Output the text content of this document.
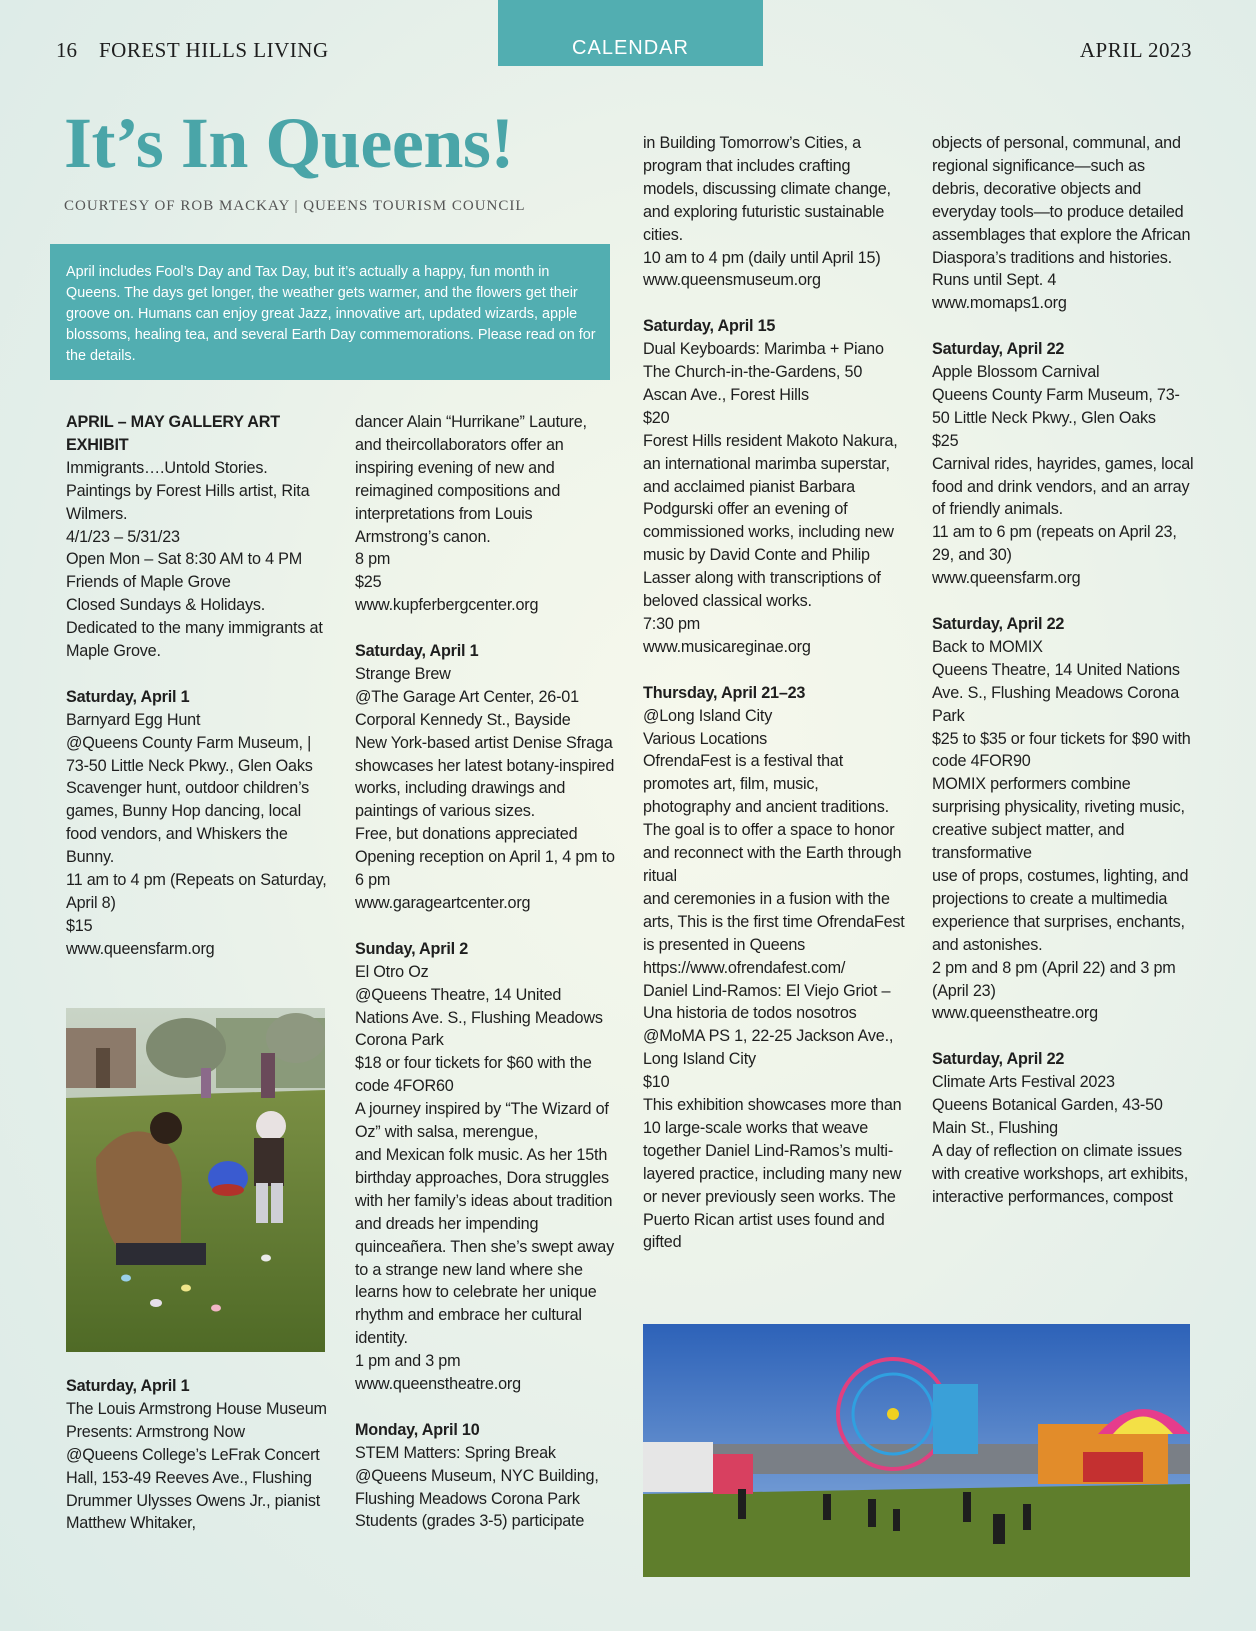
16 FOREST HILLS LIVING	CALENDAR	APRIL 2023
It’s In Queens!
COURTESY OF ROB MACKAY | QUEENS TOURISM COUNCIL
April includes Fool’s Day and Tax Day, but it’s actually a happy, fun month in Queens. The days get longer, the weather gets warmer, and the flowers get their groove on. Humans can enjoy great Jazz, innovative art, updated wizards, apple blossoms, healing tea, and several Earth Day commemorations. Please read on for the details.

APRIL – MAY GALLERY ART EXHIBIT
Immigrants….Untold Stories.
Paintings by Forest Hills artist, Rita Wilmers.
4/1/23 – 5/31/23
Open Mon – Sat 8:30 AM to 4 PM
Friends of Maple Grove
Closed Sundays & Holidays.
Dedicated to the many immigrants at Maple Grove.

Saturday, April 1
Barnyard Egg Hunt
@Queens County Farm Museum, | 73-50 Little Neck Pkwy., Glen Oaks
Scavenger hunt, outdoor children’s games, Bunny Hop dancing, local food vendors, and Whiskers the Bunny.
11 am to 4 pm (Repeats on Saturday, April 8)
$15
www.queensfarm.org

Saturday, April 1
The Louis Armstrong House Museum Presents: Armstrong Now
@Queens College’s LeFrak Concert Hall, 153-49 Reeves Ave., Flushing
Drummer Ulysses Owens Jr., pianist Matthew Whitaker,

dancer Alain “Hurrikane” Lauture, and theircollaborators offer an inspiring evening of new and reimagined compositions and interpretations from Louis Armstrong’s canon.
8 pm
$25
www.kupferbergcenter.org

Saturday, April 1
Strange Brew
@The Garage Art Center, 26-01 Corporal Kennedy St., Bayside
New York-based artist Denise Sfraga showcases her latest botany-inspired works, including drawings and
paintings of various sizes.
Free, but donations appreciated
Opening reception on April 1, 4 pm to 6 pm
www.garageartcenter.org

Sunday, April 2
El Otro Oz
@Queens Theatre, 14 United Nations Ave. S., Flushing Meadows Corona Park
$18 or four tickets for $60 with the code 4FOR60
A journey inspired by “The Wizard of Oz” with salsa, merengue,
and Mexican folk music. As her 15th birthday approaches, Dora struggles with her family’s ideas about tradition and dreads her impending quinceañera. Then she’s swept away to a strange new land where she learns how to celebrate her unique rhythm and embrace her cultural identity.
1 pm and 3 pm
www.queenstheatre.org

Monday, April 10
STEM Matters: Spring Break
@Queens Museum, NYC Building, Flushing Meadows Corona Park
Students (grades 3-5) participate

in Building Tomorrow’s Cities, a program that includes crafting models, discussing climate change, and exploring futuristic sustainable cities.
10 am to 4 pm (daily until April 15)
www.queensmuseum.org

Saturday, April 15
Dual Keyboards: Marimba + Piano
The Church-in-the-Gardens, 50 Ascan Ave., Forest Hills
$20
Forest Hills resident Makoto Nakura, an international marimba superstar, and acclaimed pianist Barbara Podgurski offer an evening of commissioned works, including new music by David Conte and Philip Lasser along with transcriptions of beloved classical works.
7:30 pm
www.musicareginae.org

Thursday, April 21–23
@Long Island City
Various Locations
OfrendaFest is a festival that promotes art, film, music, photography and ancient traditions. The goal is to offer a space to honor and reconnect with the Earth through ritual
and ceremonies in a fusion with the arts, This is the first time OfrendaFest is presented in Queens
https://www.ofrendafest.com/
Daniel Lind-Ramos: El Viejo Griot – Una historia de todos nosotros
@MoMA PS 1, 22-25 Jackson Ave., Long Island City
$10
This exhibition showcases more than 10 large-scale works that weave together Daniel Lind-Ramos’s multi- layered practice, including many new or never previously seen works. The Puerto Rican artist uses found and gifted

objects of personal, communal, and regional significance—such as debris, decorative objects and everyday tools—to produce detailed assemblages that explore the African Diaspora’s traditions and histories.
Runs until Sept. 4
www.momaps1.org

Saturday, April 22
Apple Blossom Carnival
Queens County Farm Museum, 73-50 Little Neck Pkwy., Glen Oaks
$25
Carnival rides, hayrides, games, local food and drink vendors, and an array of friendly animals.
11 am to 6 pm (repeats on April 23, 29, and 30)
www.queensfarm.org

Saturday, April 22
Back to MOMIX
Queens Theatre, 14 United Nations Ave. S., Flushing Meadows Corona Park
$25 to $35 or four tickets for $90 with code 4FOR90
MOMIX performers combine surprising physicality, riveting music, creative subject matter, and transformative
use of props, costumes, lighting, and projections to create a multimedia experience that surprises, enchants, and astonishes.
2 pm and 8 pm (April 22) and 3 pm (April 23)
www.queenstheatre.org

Saturday, April 22
Climate Arts Festival 2023
Queens Botanical Garden, 43-50 Main St., Flushing
A day of reflection on climate issues with creative workshops, art exhibits, interactive performances, compost
